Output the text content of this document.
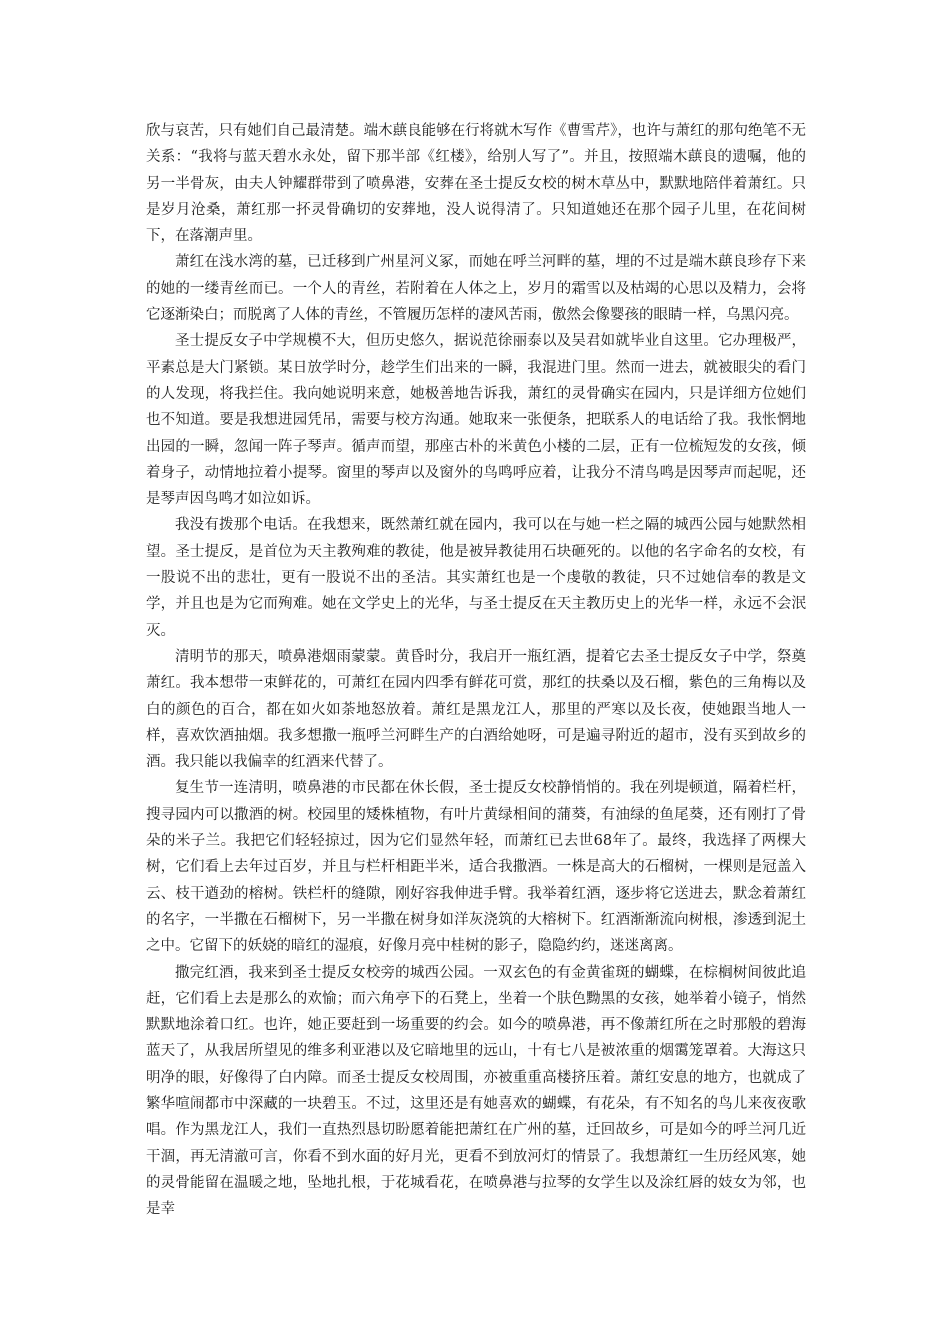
欣与哀苦，只有她们自己最清楚。端木蕻良能够在行将就木写作《曹雪芹》，也许与萧红的那句绝笔不无关系：“我将与蓝天碧水永处，留下那半部《红楼》，给别人写了”。并且，按照端木蕻良的遗嘱，他的另一半骨灰，由夫人钟耀群带到了喷鼻港，安葬在圣士提反女校的树木草丛中，默默地陪伴着萧红。只是岁月沧桑，萧红那一抔灵骨确切的安葬地，没人说得清了。只知道她还在那个园子儿里，在花间树下，在落潮声里。

萧红在浅水湾的墓，已迁移到广州星河义冢，而她在呼兰河畔的墓，埋的不过是端木蕻良珍存下来的她的一缕青丝而已。一个人的青丝，若附着在人体之上，岁月的霜雪以及枯竭的心思以及精力，会将它逐渐染白；而脱离了人体的青丝，不管履历怎样的凄风苦雨，傲然会像婴孩的眼睛一样，乌黑闪亮。

圣士提反女子中学规模不大，但历史悠久，据说范徐丽泰以及吴君如就毕业自这里。它办理极严，平素总是大门紧锁。某日放学时分，趁学生们出来的一瞬，我混进门里。然而一进去，就被眼尖的看门的人发现，将我拦住。我向她说明来意，她极善地告诉我，萧红的灵骨确实在园内，只是详细方位她们也不知道。要是我想进园凭吊，需要与校方沟通。她取来一张便条，把联系人的电话给了我。我怅惘地出园的一瞬，忽闻一阵子琴声。循声而望，那座古朴的米黄色小楼的二层，正有一位梳短发的女孩，倾着身子，动情地拉着小提琴。窗里的琴声以及窗外的鸟鸣呼应着，让我分不清鸟鸣是因琴声而起呢，还是琴声因鸟鸣才如泣如诉。

我没有拨那个电话。在我想来，既然萧红就在园内，我可以在与她一栏之隔的城西公园与她默然相望。圣士提反，是首位为天主教殉难的教徒，他是被异教徒用石块砸死的。以他的名字命名的女校，有一股说不出的悲壮，更有一股说不出的圣洁。其实萧红也是一个虔敬的教徒，只不过她信奉的教是文学，并且也是为它而殉难。她在文学史上的光华，与圣士提反在天主教历史上的光华一样，永远不会泯灭。

清明节的那天，喷鼻港烟雨蒙蒙。黄昏时分，我启开一瓶红酒，提着它去圣士提反女子中学，祭奠萧红。我本想带一束鲜花的，可萧红在园内四季有鲜花可赏，那红的扶桑以及石榴，紫色的三角梅以及白的颜色的百合，都在如火如荼地怒放着。萧红是黑龙江人，那里的严寒以及长夜，使她跟当地人一样，喜欢饮酒抽烟。我多想撒一瓶呼兰河畔生产的白酒给她呀，可是遍寻附近的超市，没有买到故乡的酒。我只能以我偏幸的红酒来代替了。

复生节一连清明，喷鼻港的市民都在休长假，圣士提反女校静悄悄的。我在列堤顿道，隔着栏杆，搜寻园内可以撒酒的树。校园里的矮株植物，有叶片黄绿相间的蒲葵，有油绿的鱼尾葵，还有刚打了骨朵的米子兰。我把它们轻轻掠过，因为它们显然年轻，而萧红已去世68年了。最终，我选择了两棵大树，它们看上去年过百岁，并且与栏杆相距半米，适合我撒酒。一株是高大的石榴树，一棵则是冠盖入云、枝干遒劲的榕树。铁栏杆的缝隙，刚好容我伸进手臂。我举着红酒，逐步将它送进去，默念着萧红的名字，一半撒在石榴树下，另一半撒在树身如洋灰浇筑的大榕树下。红酒渐渐流向树根，渗透到泥土之中。它留下的妖娆的暗红的湿痕，好像月亮中桂树的影子，隐隐约约，迷迷离离。

撒完红酒，我来到圣士提反女校旁的城西公园。一双玄色的有金黄雀斑的蝴蝶，在棕榈树间彼此追赶，它们看上去是那么的欢愉；而六角亭下的石凳上，坐着一个肤色黝黑的女孩，她举着小镜子，悄然默默地涂着口红。也许，她正要赶到一场重要的约会。如今的喷鼻港，再不像萧红所在之时那般的碧海蓝天了，从我居所望见的维多利亚港以及它暗地里的远山，十有七八是被浓重的烟霭笼罩着。大海这只明净的眼，好像得了白内障。而圣士提反女校周围，亦被重重高楼挤压着。萧红安息的地方，也就成了繁华喧闹都市中深藏的一块碧玉。不过，这里还是有她喜欢的蝴蝶，有花朵，有不知名的鸟儿来夜夜歌唱。作为黑龙江人，我们一直热烈恳切盼愿着能把萧红在广州的墓，迁回故乡，可是如今的呼兰河几近干涸，再无清澈可言，你看不到水面的好月光，更看不到放河灯的情景了。我想萧红一生历经风寒，她的灵骨能留在温暖之地，坠地扎根，于花城看花，在喷鼻港与拉琴的女学生以及涂红唇的妓女为邻，也是幸
